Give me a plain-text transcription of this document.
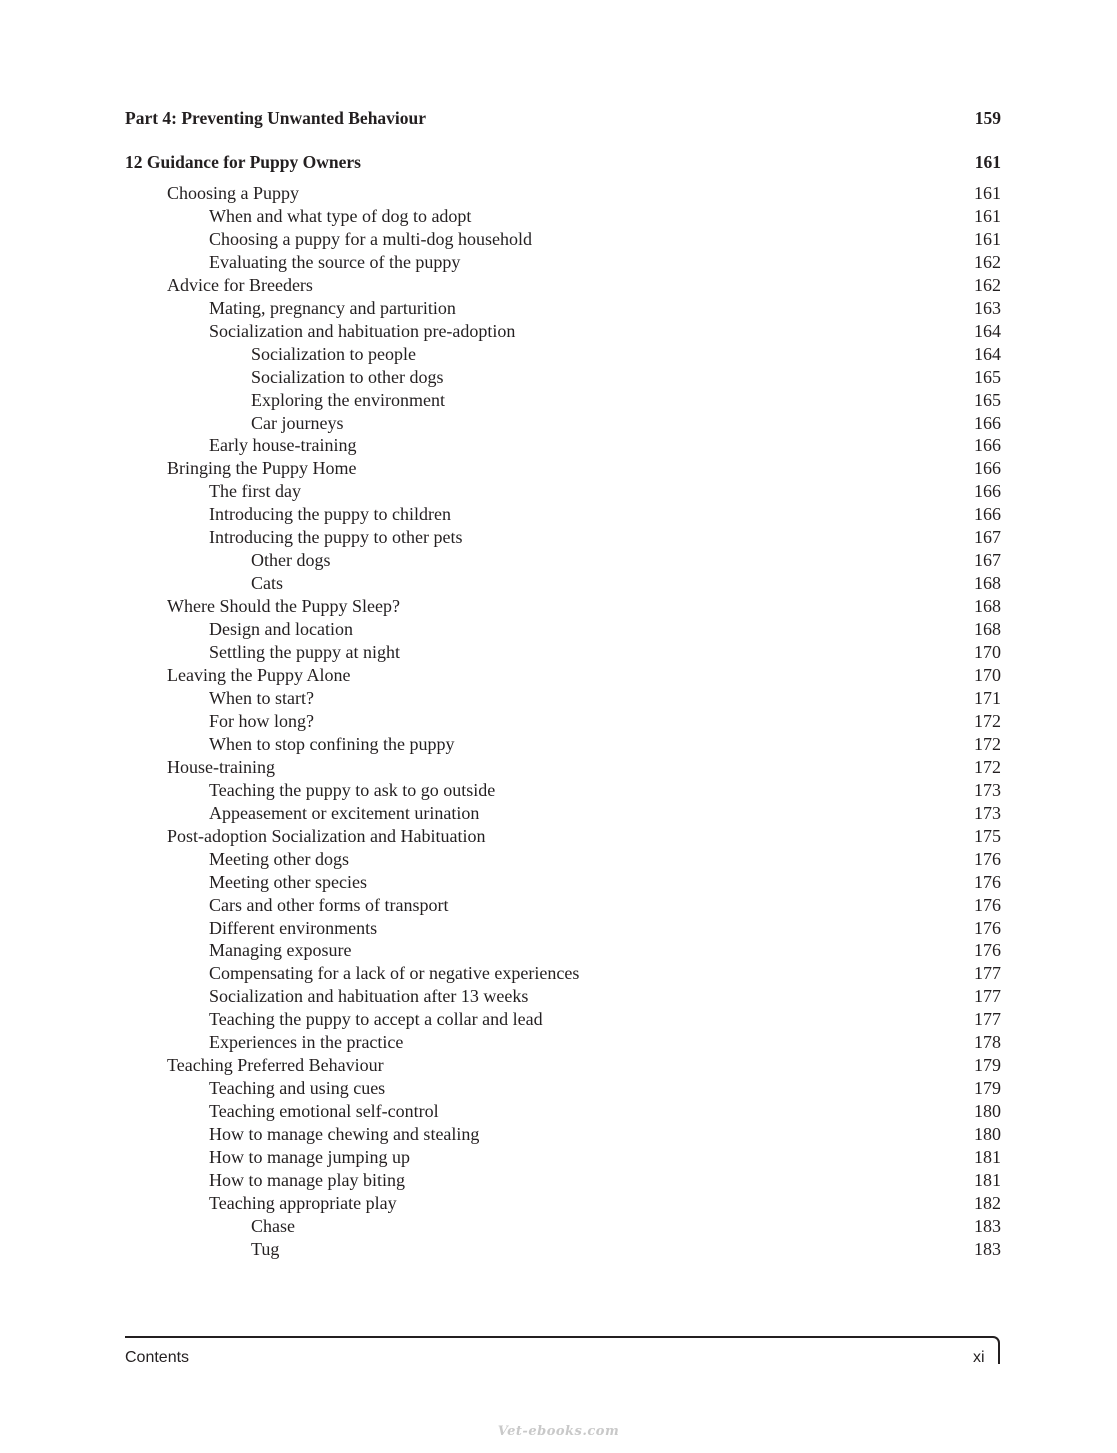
Part 4: Preventing Unwanted Behaviour	159
12 Guidance for Puppy Owners	161
Choosing a Puppy	161
When and what type of dog to adopt	161
Choosing a puppy for a multi-dog household	161
Evaluating the source of the puppy	162
Advice for Breeders	162
Mating, pregnancy and parturition	163
Socialization and habituation pre-adoption	164
Socialization to people	164
Socialization to other dogs	165
Exploring the environment	165
Car journeys	166
Early house-training	166
Bringing the Puppy Home	166
The first day	166
Introducing the puppy to children	166
Introducing the puppy to other pets	167
Other dogs	167
Cats	168
Where Should the Puppy Sleep?	168
Design and location	168
Settling the puppy at night	170
Leaving the Puppy Alone	170
When to start?	171
For how long?	172
When to stop confining the puppy	172
House-training	172
Teaching the puppy to ask to go outside	173
Appeasement or excitement urination	173
Post-adoption Socialization and Habituation	175
Meeting other dogs	176
Meeting other species	176
Cars and other forms of transport	176
Different environments	176
Managing exposure	176
Compensating for a lack of or negative experiences	177
Socialization and habituation after 13 weeks	177
Teaching the puppy to accept a collar and lead	177
Experiences in the practice	178
Teaching Preferred Behaviour	179
Teaching and using cues	179
Teaching emotional self-control	180
How to manage chewing and stealing	180
How to manage jumping up	181
How to manage play biting	181
Teaching appropriate play	182
Chase	183
Tug	183
Contents	xi
Vet-ebooks.com
